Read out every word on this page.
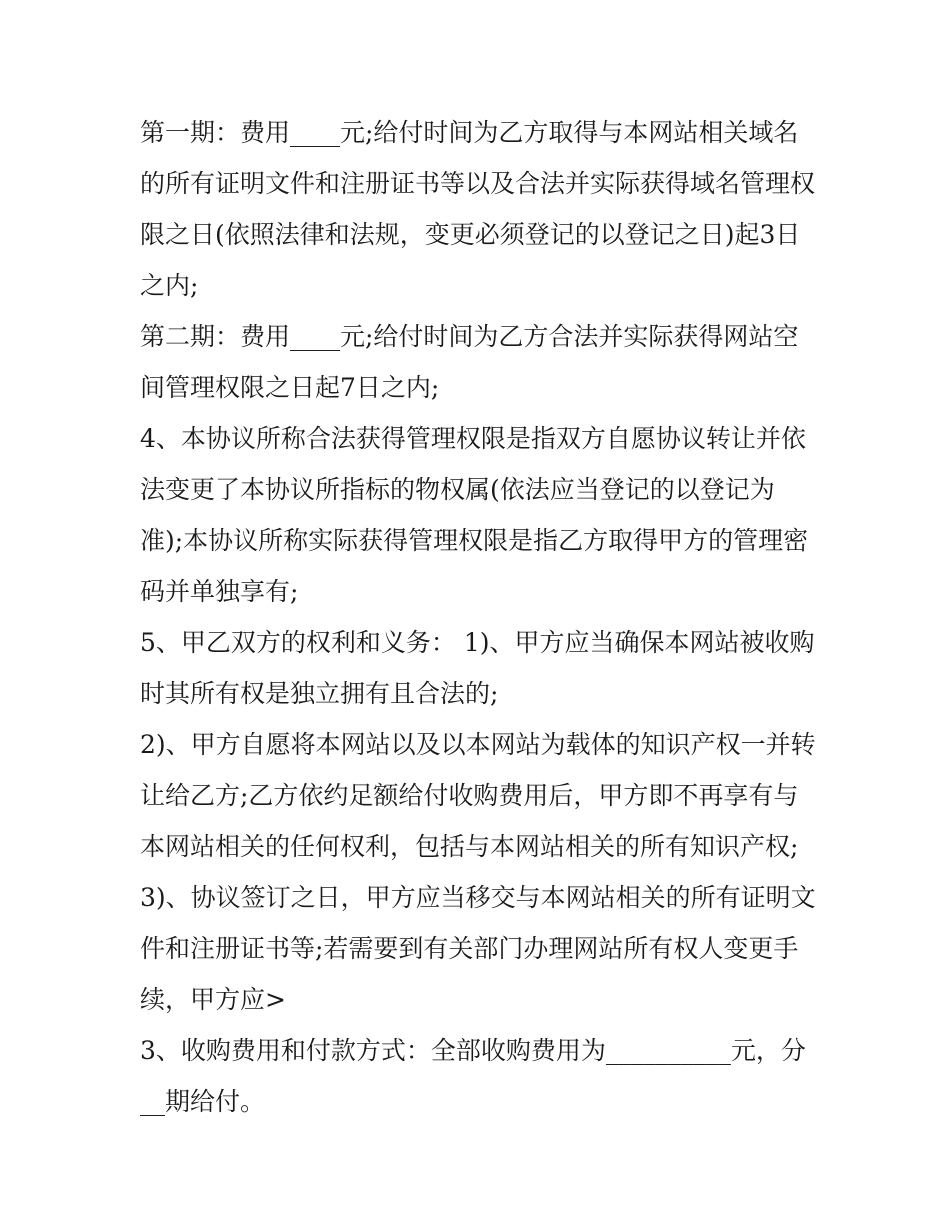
第一期：费用____元;给付时间为乙方取得与本网站相关域名

的所有证明文件和注册证书等以及合法并实际获得域名管理权

限之日(依照法律和法规，变更必须登记的以登记之日)起3日

之内;

第二期：费用____元;给付时间为乙方合法并实际获得网站空

间管理权限之日起7日之内;

4、本协议所称合法获得管理权限是指双方自愿协议转让并依

法变更了本协议所指标的物权属(依法应当登记的以登记为

准);本协议所称实际获得管理权限是指乙方取得甲方的管理密

码并单独享有;

5、甲乙双方的权利和义务： 1)、甲方应当确保本网站被收购

时其所有权是独立拥有且合法的;

2)、甲方自愿将本网站以及以本网站为载体的知识产权一并转

让给乙方;乙方依约足额给付收购费用后，甲方即不再享有与

本网站相关的任何权利，包括与本网站相关的所有知识产权;

3)、协议签订之日，甲方应当移交与本网站相关的所有证明文

件和注册证书等;若需要到有关部门办理网站所有权人变更手

续，甲方应>

3、收购费用和付款方式：全部收购费用为__________元，分

__期给付。
